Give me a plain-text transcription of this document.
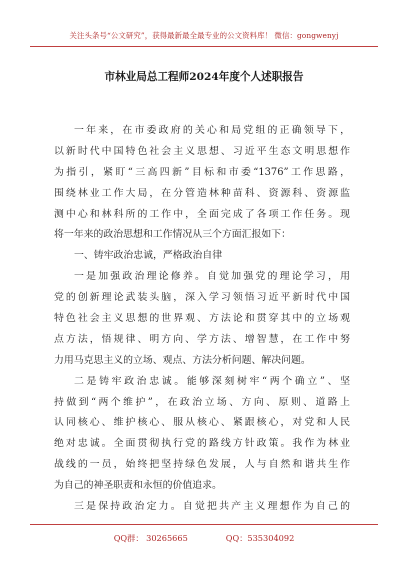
关注头条号“公文研究”，获得最新最全最专业的公文资料库！ 微信：gongwenyj
市林业局总工程师2024年度个人述职报告
一年来，在市委政府的关心和局党组的正确领导下，
以新时代中国特色社会主义思想、习近平生态文明思想作
为指引，紧盯“三高四新”目标和市委“1376”工作思路，
围绕林业工作大局，在分管造林种苗科、资源科、资源监
测中心和林科所的工作中，全面完成了各项工作任务。现
将一年来的政治思想和工作情况从三个方面汇报如下：
一、铸牢政治忠诚，严格政治自律
一是加强政治理论修养。自觉加强党的理论学习，用
党的创新理论武装头脑，深入学习领悟习近平新时代中国
特色社会主义思想的世界观、方法论和贯穿其中的立场观
点方法，悟规律、明方向、学方法、增智慧，在工作中努
力用马克思主义的立场、观点、方法分析问题、解决问题。
二是铸牢政治忠诚。能够深刻树牢“两个确立”、坚
持做到“两个维护”，在政治立场、方向、原则、道路上
认同核心、维护核心、服从核心、紧跟核心，对党和人民
绝对忠诚。全面贯彻执行党的路线方针政策。我作为林业
战线的一员，始终把坚持绿色发展，人与自然和谐共生作
为自己的神圣职责和永恒的价值追求。
三是保持政治定力。自觉把共产主义理想作为自己的
QQ群： 30265665	QQ：535304092
